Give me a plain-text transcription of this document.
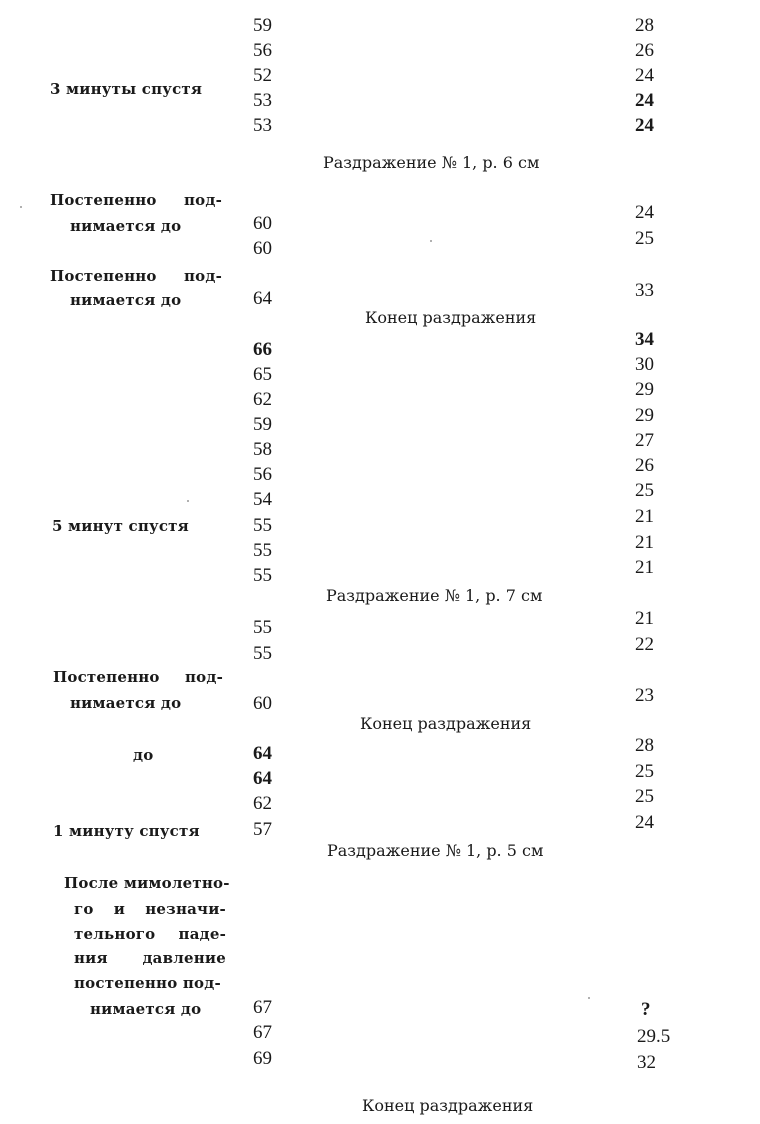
3 минуты спустя
Постепенно под-
нимается до
Постепенно под-
нимается до
5 минут спустя
Постепенно под-
нимается до
до
1 минуту спустя
После мимолетно-
го и незначи-
тельного паде-
ния давление
постепенно под-
нимается до
59
56
52
53
53
60
60
64
66
65
62
59
58
56
54
55
55
55
55
55
60
64
64
62
57
67
67
69
Раздражение № 1, р. 6 см
Конец раздражения
Раздражение № 1, р. 7 см
Конец раздражения
Раздражение № 1, р. 5 см
Конец раздражения
28
26
24
24
24
24
25
33
34
30
29
29
27
26
25
21
21
21
21
22
23
28
25
25
24
?
29.5
32
